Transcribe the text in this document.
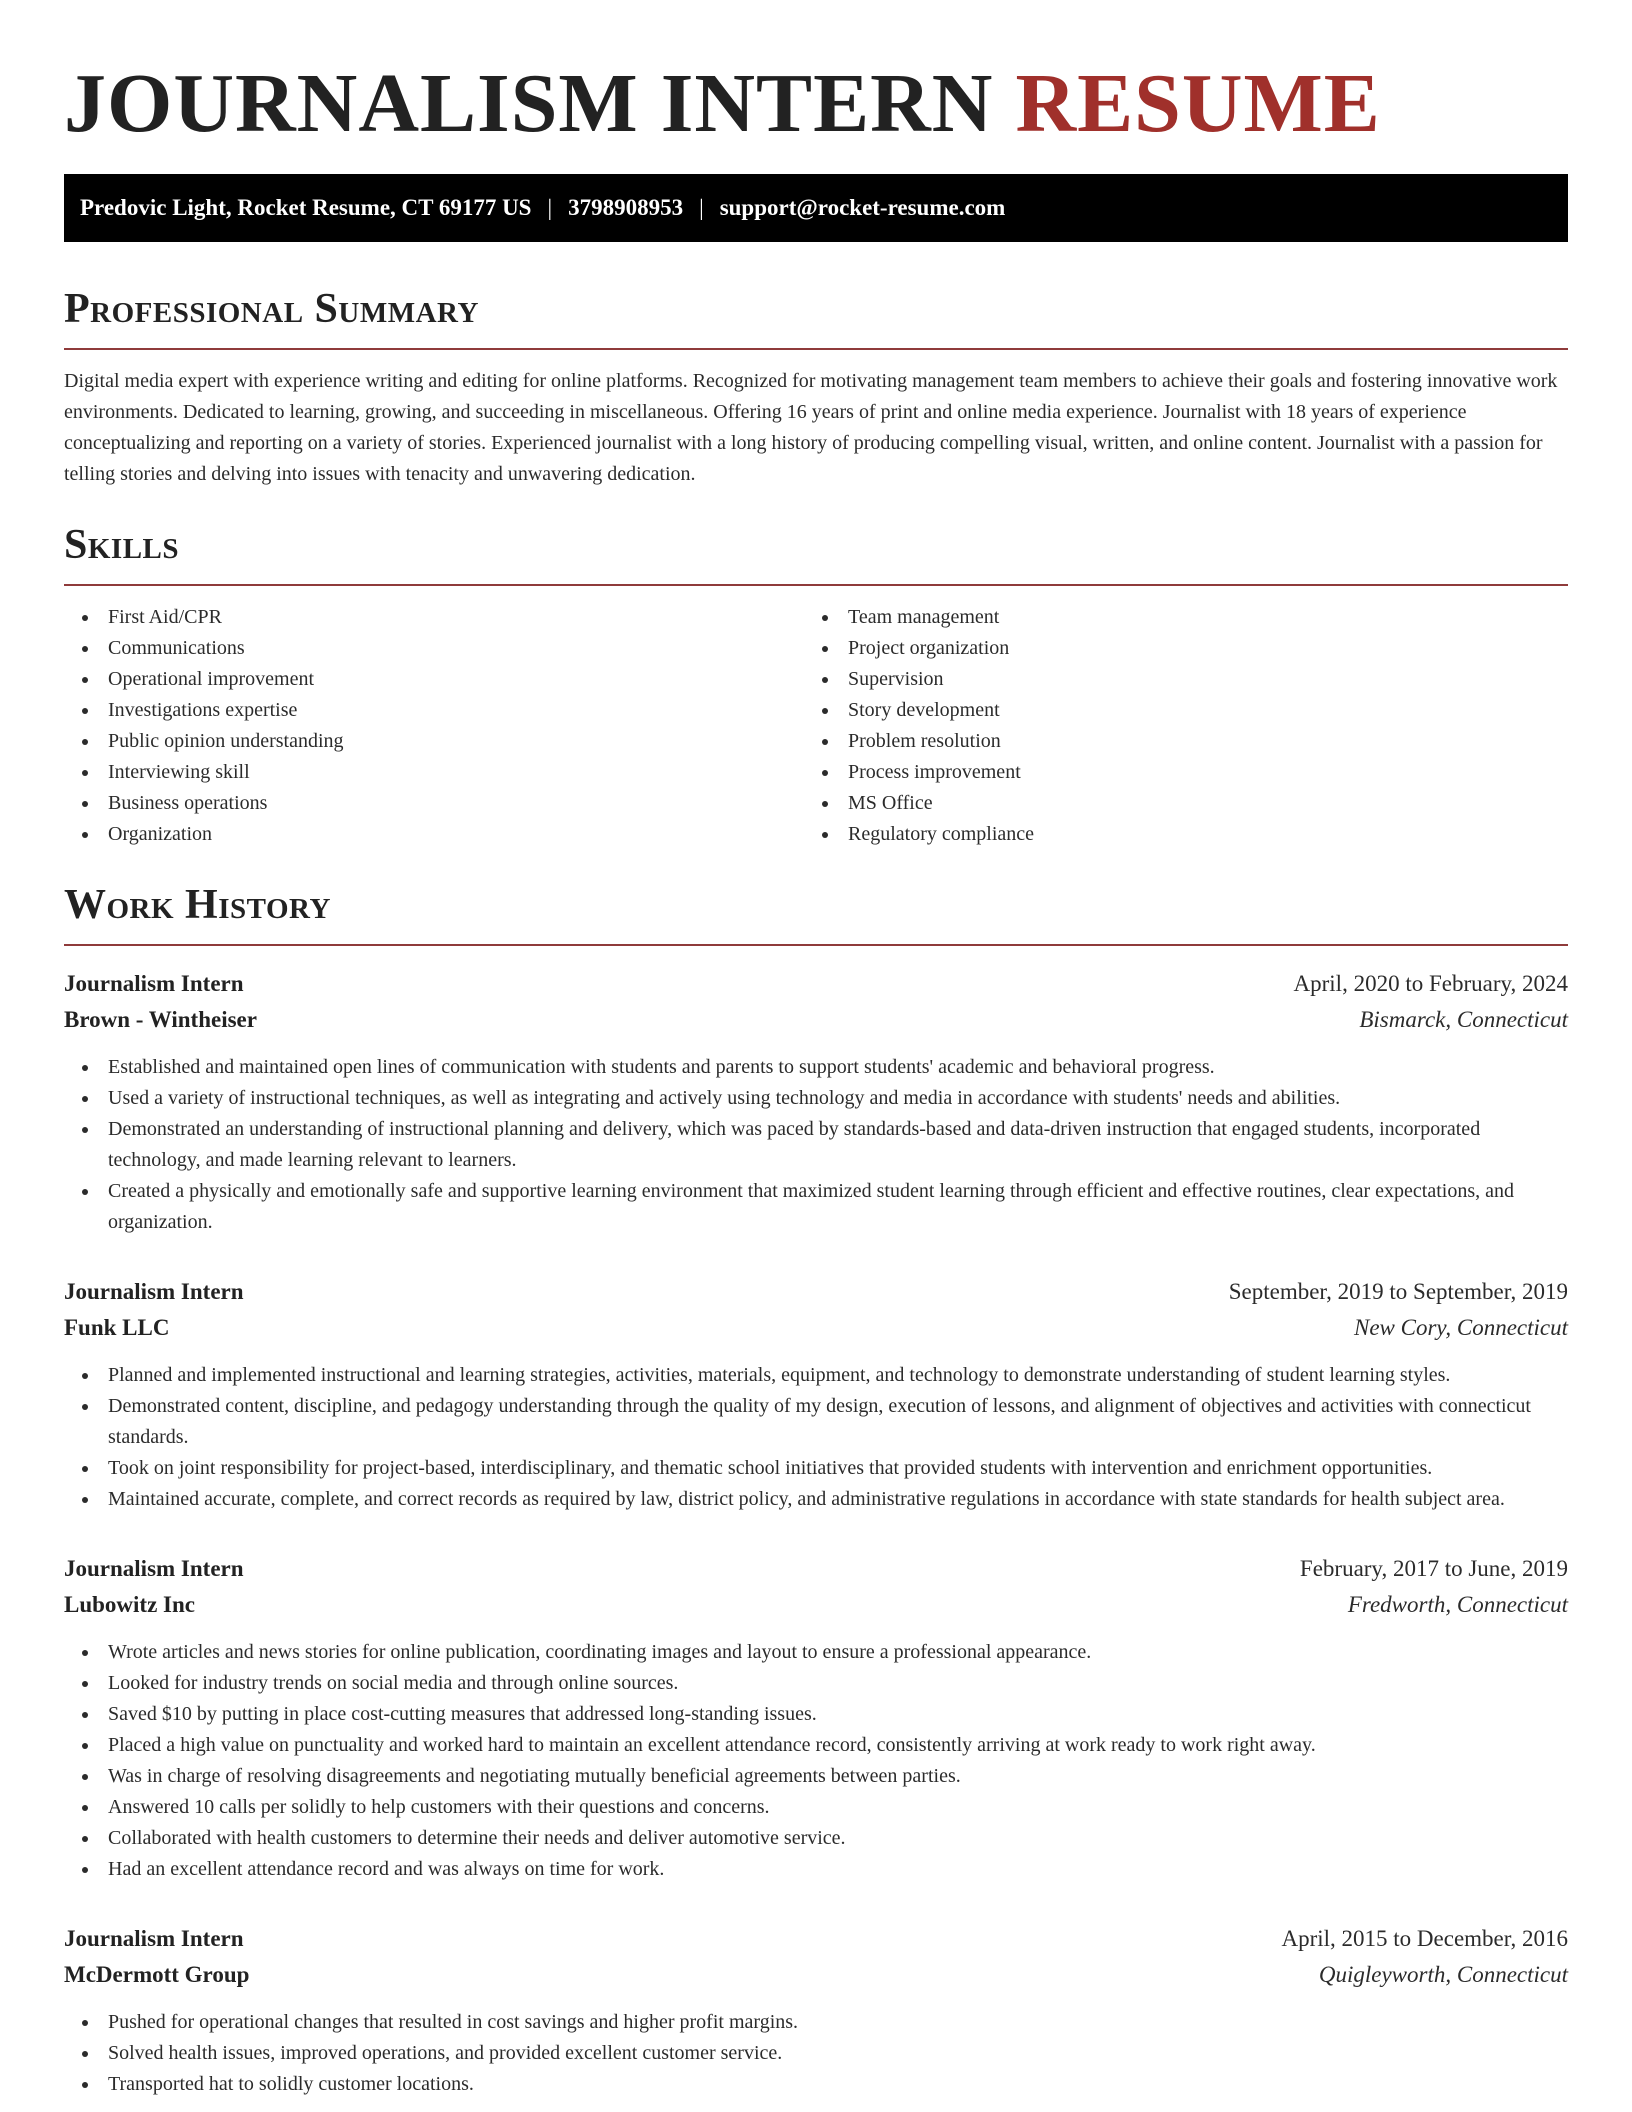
JOURNALISM INTERN RESUME
Predovic Light, Rocket Resume, CT 69177 US | 3798908953 | support@rocket-resume.com
Professional Summary

Digital media expert with experience writing and editing for online platforms. Recognized for motivating management team members to achieve their goals and fostering innovative work environments. Dedicated to learning, growing, and succeeding in miscellaneous. Offering 16 years of print and online media experience. Journalist with 18 years of experience conceptualizing and reporting on a variety of stories. Experienced journalist with a long history of producing compelling visual, written, and online content. Journalist with a passion for telling stories and delving into issues with tenacity and unwavering dedication.

Skills
First Aid/CPR
Communications
Operational improvement
Investigations expertise
Public opinion understanding
Interviewing skill
Business operations
Organization
Team management
Project organization
Supervision
Story development
Problem resolution
Process improvement
MS Office
Regulatory compliance
Work History
Journalism Intern	April, 2020 to February, 2024
Brown - Wintheiser	Bismarck, Connecticut
Established and maintained open lines of communication with students and parents to support students' academic and behavioral progress.
Used a variety of instructional techniques, as well as integrating and actively using technology and media in accordance with students' needs and abilities.
Demonstrated an understanding of instructional planning and delivery, which was paced by standards-based and data-driven instruction that engaged students, incorporated technology, and made learning relevant to learners.
Created a physically and emotionally safe and supportive learning environment that maximized student learning through efficient and effective routines, clear expectations, and organization.
Journalism Intern	September, 2019 to September, 2019
Funk LLC	New Cory, Connecticut
Planned and implemented instructional and learning strategies, activities, materials, equipment, and technology to demonstrate understanding of student learning styles.
Demonstrated content, discipline, and pedagogy understanding through the quality of my design, execution of lessons, and alignment of objectives and activities with connecticut standards.
Took on joint responsibility for project-based, interdisciplinary, and thematic school initiatives that provided students with intervention and enrichment opportunities.
Maintained accurate, complete, and correct records as required by law, district policy, and administrative regulations in accordance with state standards for health subject area.
Journalism Intern	February, 2017 to June, 2019
Lubowitz Inc	Fredworth, Connecticut
Wrote articles and news stories for online publication, coordinating images and layout to ensure a professional appearance.
Looked for industry trends on social media and through online sources.
Saved $10 by putting in place cost-cutting measures that addressed long-standing issues.
Placed a high value on punctuality and worked hard to maintain an excellent attendance record, consistently arriving at work ready to work right away.
Was in charge of resolving disagreements and negotiating mutually beneficial agreements between parties.
Answered 10 calls per solidly to help customers with their questions and concerns.
Collaborated with health customers to determine their needs and deliver automotive service.
Had an excellent attendance record and was always on time for work.
Journalism Intern	April, 2015 to December, 2016
McDermott Group	Quigleyworth, Connecticut
Pushed for operational changes that resulted in cost savings and higher profit margins.
Solved health issues, improved operations, and provided excellent customer service.
Transported hat to solidly customer locations.
